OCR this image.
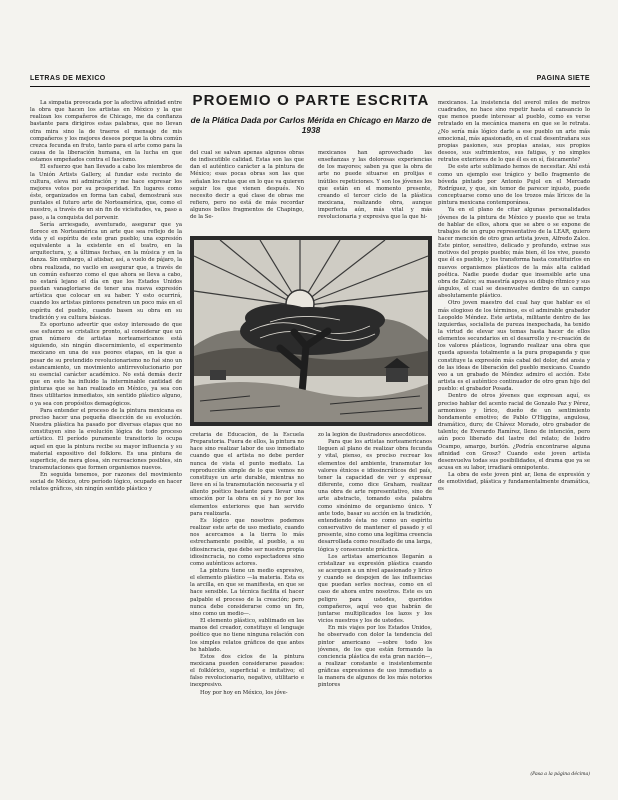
LETRAS DE MEXICO	PAGINA SIETE

La simpatía provocada por la afectiva afinidad entre la obra que hacen los artistas en México y la que realizan los compañeros de Chicago, me da confianza bastante para dirigiros estas palabras, que no llevan otra mira sino la de traeros el mensaje de mis compañeros y los mejores deseos porque la obra común crezca fecunda en fruto, tanto para el arte como para la causa de la liberación humana, en la lucha en que estamos empeñados contra el fascismo.

El esfuerzo que han llevado a cabo los miembros de la Unión Artists Gallery, al fundar este recinto de cultura, eleva mi admiración y me hace expresar los mejores votos por su prosperidad. En lugares como éste, organizados en forma tan cabal, demostrará sus puntales el futuro arte de Norteamérica, que, como el nuestro, a través de un sin fin de vicisitudes, va, paso a paso, a la conquista del porvenir.

Sería arriesgado, aventurado, asegurar que ya florece en Norteamérica un arte que sea reflejo de la vida y el espíritu de este gran pueblo; una expresión equivalente a la existente en el teatro, en la arquitectura, y, a últimas fechas, en la música y en la danza. Sin embargo, al atisbar, así, a vuelo de pájaro, la obra realizada, no vacilo en asegurar que, a través de un común esfuerzo como el que ahora se lleva a cabo, no estará lejano el día en que los Estados Unidos puedan vanagloriarse de tener una nueva expresión artística que colocar en su haber. Y esto ocurrirá, cuando los artistas pintores penetren un poco más en el espíritu del pueblo, cuando basen su obra en su tradición y su cultura básicas.

Es oportuno advertir que estoy interesado de que ese esfuerzo se cristalice pronto, al considerar que un gran número de artistas norteamericanos está siguiendo, sin ningún discernimiento, el experimento mexicano en una de sus peores etapas, en la que a pesar de su pretendido revolucionarismo no fué sino un estancamiento, un movimiento antirrevolucionario por su esencial carácter académico. No está demás decir que en esto ha influido la interminable cantidad de pinturas que se han realizado en México, ya sea con fines utilitarios inmediatos, sin sentido plástico alguno, o ya sea con propósitos demagógicos.

Para entender el proceso de la pintura mexicana es preciso hacer una pequeña disección de su evolución. Nuestra plástica ha pasado por diversas etapas que no constituyen sino la evolución lógica de todo proceso artístico. El período puramente transitorio lo ocupa aquel en que la pintura recibe su mayor influencia y su material expositivo del folklore. Es una pintura de superficie, de mera glosa, sin recreaciones posibles, sin transmutaciones que formen organismos nuevos.

En seguida tenemos, por razones del movimiento social de México, otro período lógico, ocupado en hacer relatos gráficos, sin ningún sentido plástico y

PROEMIO O PARTE ESCRITA
de la Plática Dada por Carlos Mérida en Chicago en Marzo de 1938

del cual se salvan apenas algunos obras de indiscutible calidad. Estas son las que dan el auténtico carácter a la pintura de México; esas pocas obras son las que señalan los rutas que en lo que va quieren seguir los que vienen después. No necesito decir a qué clase de obras me refiero, pero no está de más recordar algunos bellos fragmentos de Chapingo, de la Se-

mexicanos han aprovechado las enseñanzas y las dolorosas experiencias de los mayores; saben ya que la obra de arte no puede situarse en prolijas e inútiles repeticiones. Y son los jóvenes los que están en el momento presente, creando el tercer ciclo de la plástica mexicana, realizando obra, aunque imperfecta aún, más vital y más revolucionaria y expresiva que la que hi-

cretaría de Educación, de la Escuela Preparatoria. Fuera de ellos, la pintura no hace sino realizar labor de uso inmediato cuando que el artista no debe perder nunca de vista el punto mediato. La reproducción simple de lo que vemos no constituye un arte durable, mientras no lleve en sí la transmutación necesaria y el aliento poético bastante para llevar una emoción por la obra en sí y no por los elementos exteriores que han servido para realizarla.

Es lógico que nosotros podemos realizar este arte de uso mediato, cuando nos acercamos a la tierra lo más estrechamente posible, al pueblo, a su idiosincracia, que debe ser nuestra propia idiosincracia, no como espectadores sino como auténticos actores.

La pintura tiene un medio expresivo, el elemento plástico —la materia. Esta es la arcilla, en que se manifiesta, en que se hace sensible. La técnica facilita el hacer palpable el proceso de la creación; pero nunca debe considerarse como un fin, sino como un medio—.

El elemento plástico, sublimado en las manos del creador, constituye el lenguaje poético que no tiene ninguna relación con los simples relatos gráficos de que antes he hablado.

Estos dos ciclos de la pintura mexicana pueden considerarse pasados: el folklórico, superficial e imitativo; el falso revolucionario, negativo, utilitario e inexpresivo.

Hoy por hoy en México, los jóve-

zo la legión de ilustradores anecdóticos.

Para que los artistas norteamericanos lleguen al plano de realizar obra fecunda y vital, pienso, es preciso recrear los elementos del ambiente, transmutar los valores étnicos e idiosincráticos del país, tener la capacidad de ver y expresar diferente, como dice Graham, realizar una obra de arte representativo, sino de arte abstracto, tomando esta palabra como sinónimo de organismo único. Y ante todo, basar su acción en la tradición, entendiendo ésta no como un espíritu conservativo de mantener el pasado y el presente, sino como una legítima creencia desarrollada como resultado de una larga, lógica y consecuente práctica.

Los artistas americanos llegarán a cristalizar su expresión plástica cuando se acerquen a un nivel apasionado y lírico y cuando se despojen de las influencias que puedan serles nocivas, como en el caso de ahora entre nosotros. Este es un peligro para ustedes, queridos compañeros, aquí veo que habrán de juntarse multiplicados los lazos y los vicios nuestros y los de ustedes.

En mis viajes por los Estados Unidos, he observado con dolor la tendencia del pintor americano —sobre todo los jóvenes, de los que están formando la conciencia plástica de esta gran nación—, a realizar constante e insistentemente gráficas expresiones de uso inmediato a la manera de algunos de los más notorios pintores

mexicanos. La insistencia del averol miles de metros cuadrados, no hace sino repetir hasta el cansancio lo que menos puede interesar al pueblo, como es verse retratado en la mecánica manera en que se le retrata. ¿No sería más lógico darle a ese pueblo un arte más emocional, más apasionado, en el cual desentrañara sus propias pasiones, sus propias ansias, sus propios deseos, sus sufrimientos, sus fatigas, y no simples retratos exteriores de lo que él es en sí, físicamente?

De este arte sublimado hemos de necesitar. Ahí está como un ejemplo ese trágico y bello fragmento de bóveda pintado por Antonio Pujol en el Mercado Rodríguez, y que, sin temor de parecer injusto, puede conceptuarse como uno de los trozos más líricos de la pintura mexicana contemporánea.

Ya en el plano de citar algunas personalidades jóvenes de la pintura de México y puesto que se trata de hablar de ellos, ahora que se abre o se expone de trabajos de un grupo representativo de la LEAR, quiero hacer mención de otro gran artista joven, Alfredo Zalce. Este pintor, sensitivo, delicado y profundo, extrae sus motivos del propio pueblo; más bien, él los vive, puesto que él es pueblo, y los transforma hasta constituirlos en nuevos organismos plásticos de la más alta calidad poética. Nadie puede dudar que insensible arte una obra de Zalce; su maestría apoya su dibujo rítmico y sus ángulos, el cual se desenvuelve dentro de un campo absolutamente plástico.

Otro joven maestro del cual hay que hablar es el más elogioso de los términos, es el admirable grabador Leopoldo Méndez. Este artista, militante dentro de las izquierdas, socialista de pureza inexpechada, ha tenido la virtud de elevar sus temas hasta hacer de ellos elementos secundarios en el desarrollo y re-creación de los valores plásticos, logrando realizar una obra que queda apuesta totalmente a la pura propaganda y que constituye la expresión más cabal del dolor, del ansia y de las ideas de liberación del pueblo mexicano. Cuando veo a un grabado de Méndez admiro el acción. Este artista es el auténtico continuador de otro gran hijo del pueblo: el grabador Posada.

Dentro de otros jóvenes que expresan aquí, es preciso hablar del acento racial de Gonzalo Paz y Pérez, armonioso y lírico, dueño de un sentimiento hondamente emotivo; de Pablo O'Higgins, angulosa, dramático, duro; de Chávez Morado, otro grabador de talento; de Everardo Ramírez, lleno de intención, pero aún poco liberado del lastre del relato; de Isidro Ocampo, amargo, burlón. ¿Podría encontrarse alguna afinidad con Grosz? Cuando este joven artista desenvuelva todas sus posibilidades, el drama que ya se acusa en su labor, irradiará omnipotente.

La obra de este joven pint ar, llena de expresión y de emotividad, plástica y fundamentalmente dramática, es

(Pasa a la página décima)
